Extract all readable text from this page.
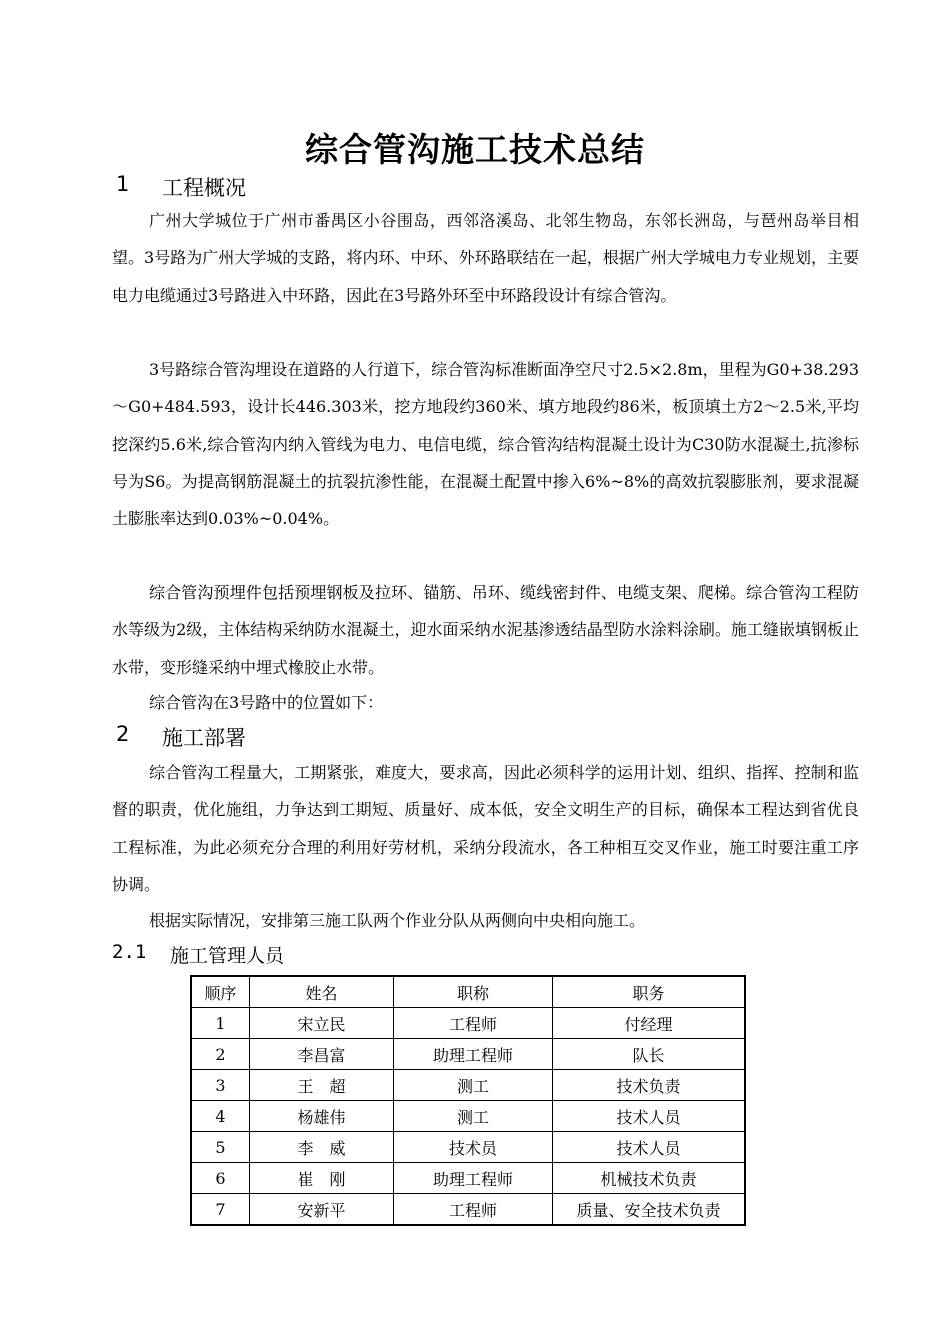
综合管沟施工技术总结
1	工程概况

广州大学城位于广州市番禺区小谷围岛，西邻洛溪岛、北邻生物岛，东邻长洲岛，与琶州岛举目相望。3号路为广州大学城的支路，将内环、中环、外环路联结在一起，根据广州大学城电力专业规划，主要电力电缆通过3号路进入中环路，因此在3号路外环至中环路段设计有综合管沟。

3号路综合管沟埋设在道路的人行道下，综合管沟标准断面净空尺寸2.5×2.8m，里程为G0+38.293～G0+484.593，设计长446.303米，挖方地段约360米、填方地段约86米，板顶填土方2～2.5米,平均挖深约5.6米,综合管沟内纳入管线为电力、电信电缆，综合管沟结构混凝土设计为C30防水混凝土,抗渗标号为S6。为提高钢筋混凝土的抗裂抗渗性能，在混凝土配置中掺入6%~8%的高效抗裂膨胀剂，要求混凝土膨胀率达到0.03%~0.04%。

综合管沟预埋件包括预埋钢板及拉环、锚筋、吊环、缆线密封件、电缆支架、爬梯。综合管沟工程防水等级为2级，主体结构采纳防水混凝土，迎水面采纳水泥基渗透结晶型防水涂料涂刷。施工缝嵌填钢板止水带，变形缝采纳中埋式橡胶止水带。

综合管沟在3号路中的位置如下：

2	施工部署

综合管沟工程量大，工期紧张，难度大，要求高，因此必须科学的运用计划、组织、指挥、控制和监督的职责，优化施组，力争达到工期短、质量好、成本低，安全文明生产的目标，确保本工程达到省优良工程标准，为此必须充分合理的利用好劳材机，采纳分段流水，各工种相互交叉作业，施工时要注重工序协调。

根据实际情况，安排第三施工队两个作业分队从两侧向中央相向施工。

2.1	施工管理人员
顺序	姓名	职称	职务
1	宋立民	工程师	付经理
2	李昌富	助理工程师	队长
3	王　超	测工	技术负责
4	杨雄伟	测工	技术人员
5	李　威	技术员	技术人员
6	崔　刚	助理工程师	机械技术负责
7	安新平	工程师	质量、安全技术负责
